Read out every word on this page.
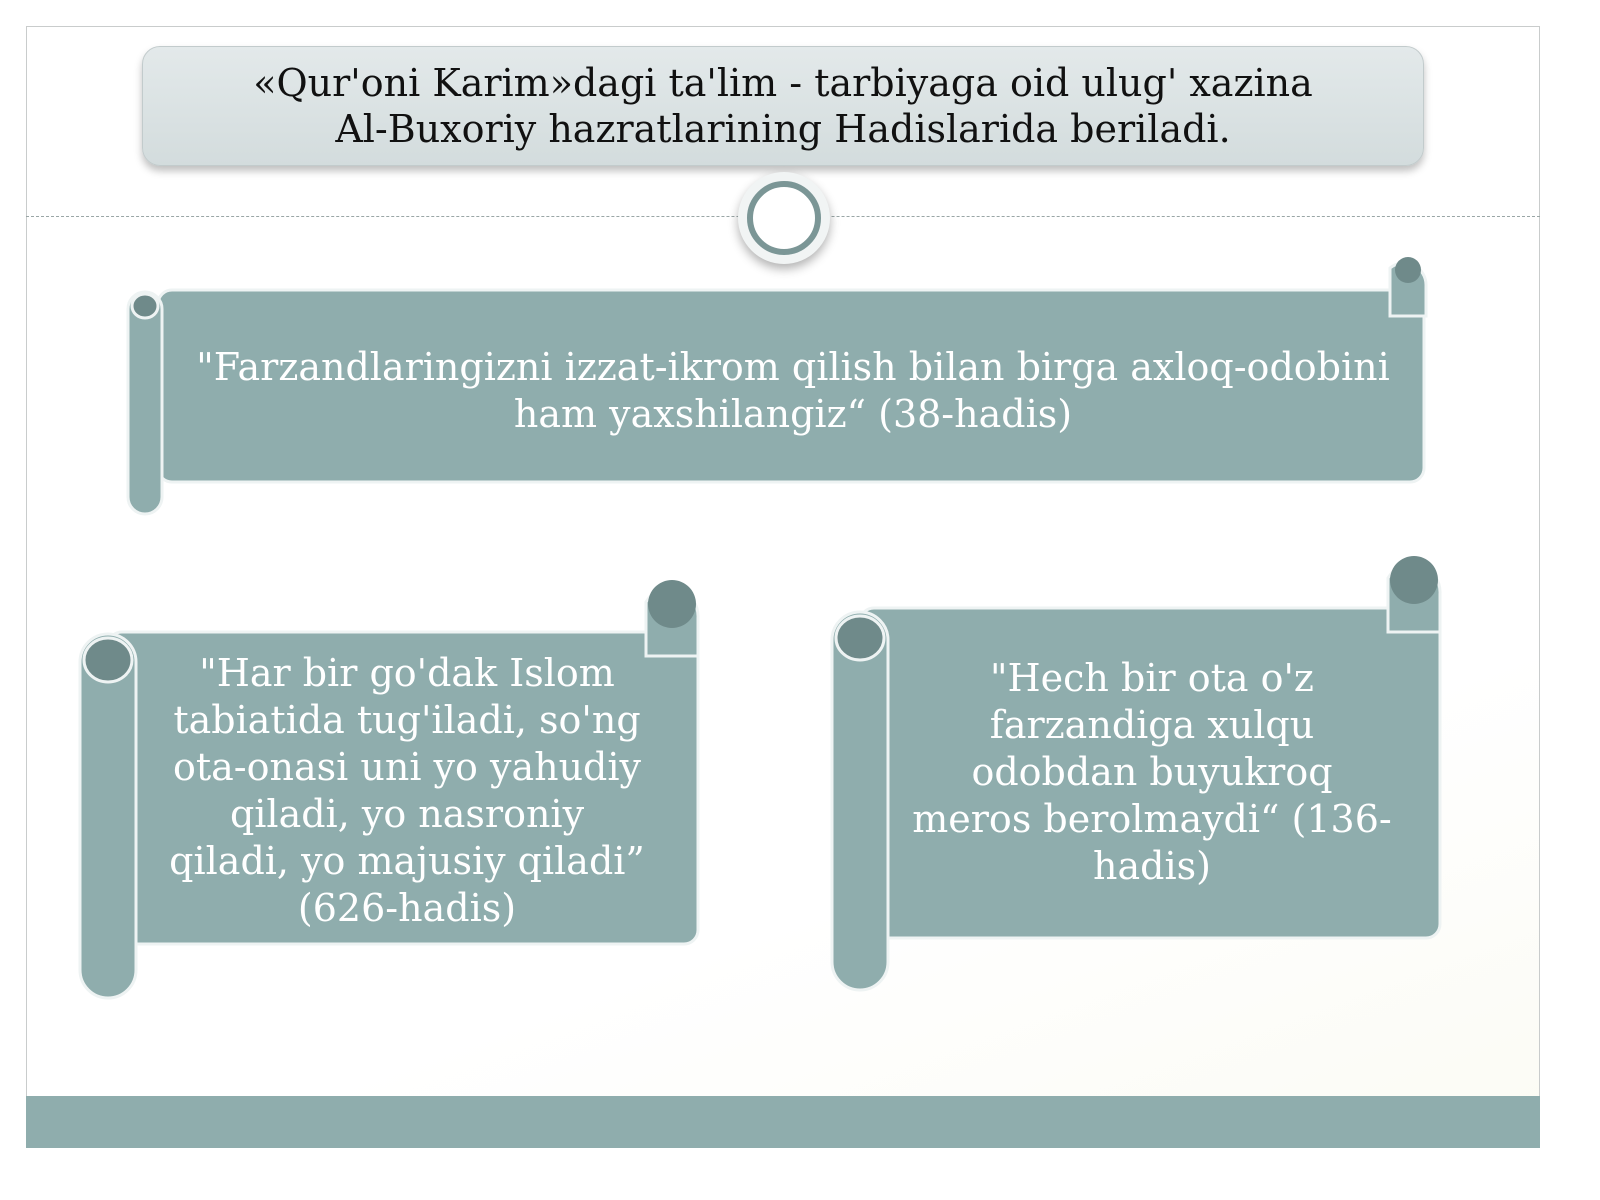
«Qur'oni Karim»dagi ta'lim - tarbiyaga oid ulug' xazina Al-Buxoriy hazratlarining Hadislarida beriladi.
"Farzandlaringizni izzat-ikrom qilish bilan birga axloq-odobini ham yaxshilangiz“ (38-hadis)
"Har bir go'dak Islom tabiatida tug'iladi, so'ng ota-onasi uni yo yahudiy qiladi, yo nasroniy qiladi, yo majusiy qiladi” (626-hadis)
"Hech bir ota o'z farzandiga xulqu odobdan buyukroq meros berolmaydi“ (136-hadis)
